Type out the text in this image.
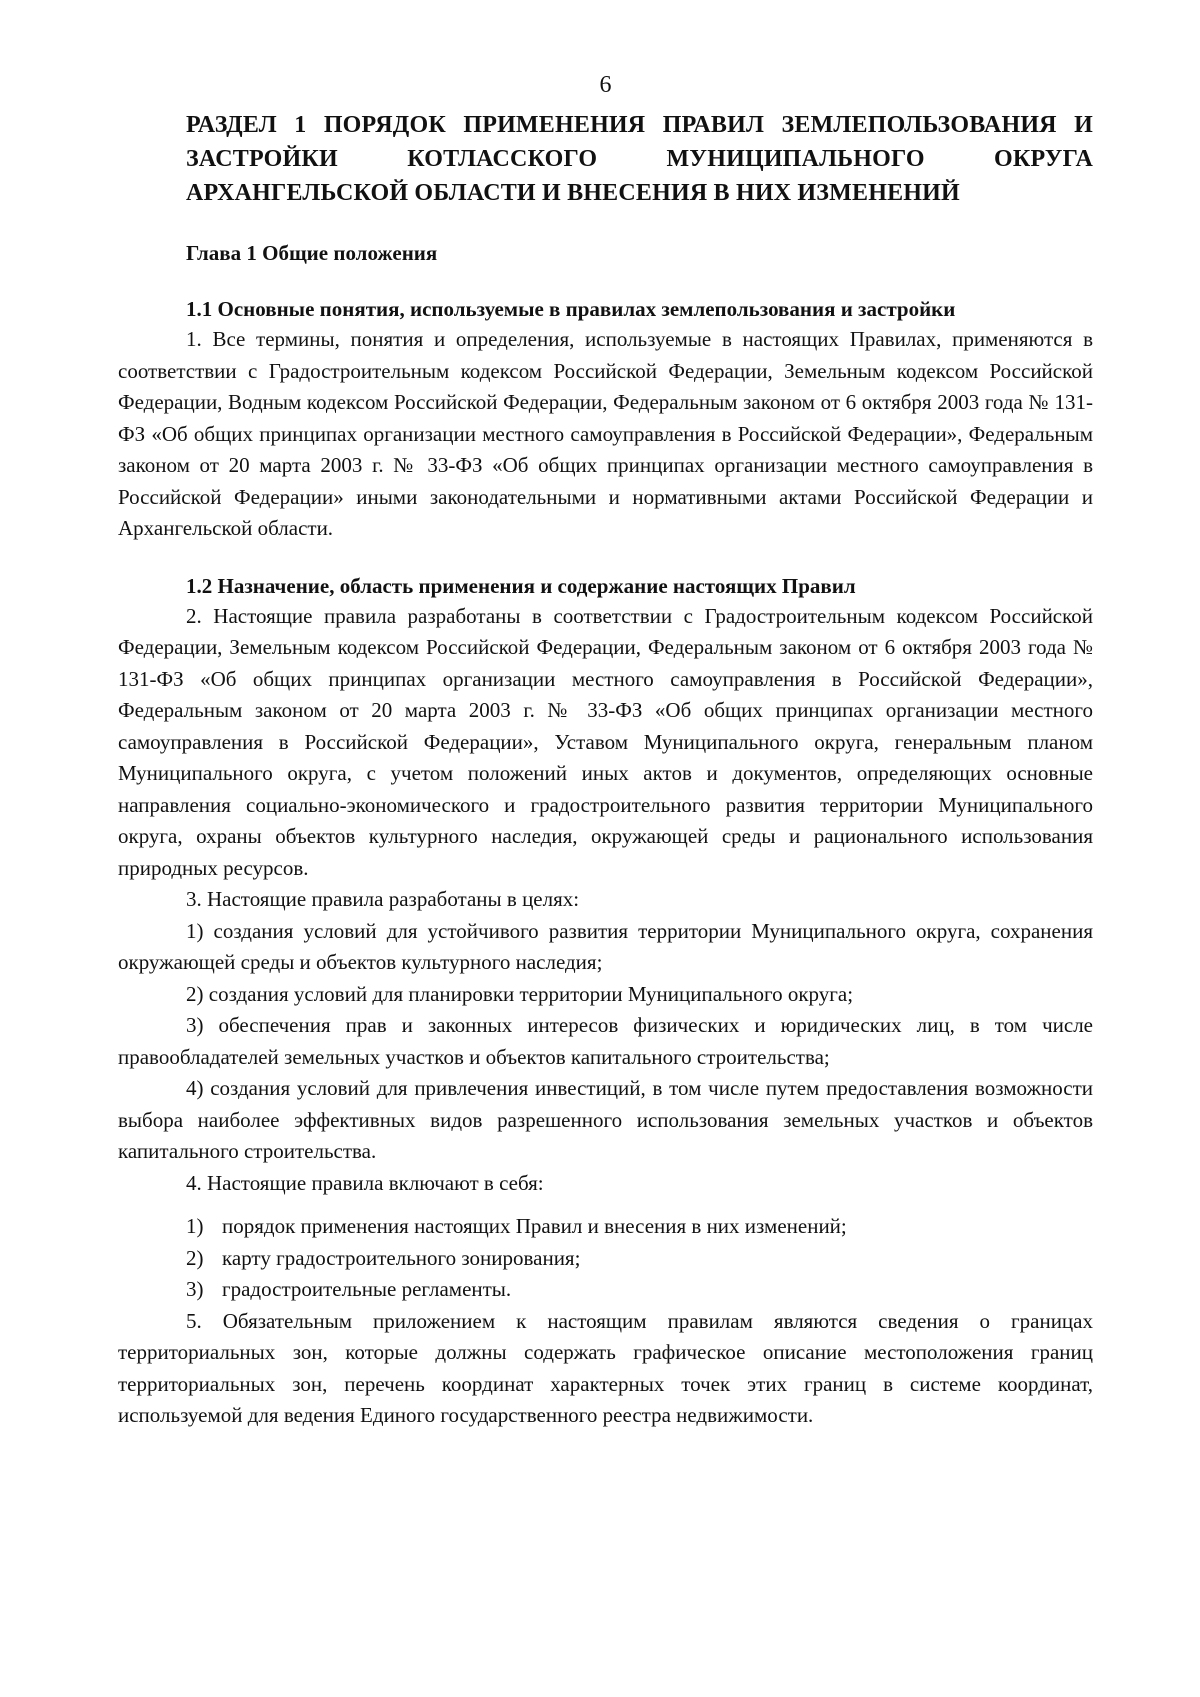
6
РАЗДЕЛ 1 ПОРЯДОК ПРИМЕНЕНИЯ ПРАВИЛ ЗЕМЛЕПОЛЬЗОВАНИЯ И ЗАСТРОЙКИ КОТЛАССКОГО МУНИЦИПАЛЬНОГО ОКРУГА АРХАНГЕЛЬСКОЙ ОБЛАСТИ И ВНЕСЕНИЯ В НИХ ИЗМЕНЕНИЙ
Глава 1 Общие положения
1.1 Основные понятия, используемые в правилах землепользования и застройки

1. Все термины, понятия и определения, используемые в настоящих Правилах, применяются в соответствии с Градостроительным кодексом Российской Федерации, Земельным кодексом Российской Федерации, Водным кодексом Российской Федерации, Федеральным законом от 6 октября 2003 года № 131-ФЗ «Об общих принципах организации местного самоуправления в Российской Федерации», Федеральным законом от 20 марта 2003 г. № 33-ФЗ «Об общих принципах организации местного самоуправления в Российской Федерации» иными законодательными и нормативными актами Российской Федерации и Архангельской области.

1.2 Назначение, область применения и содержание настоящих Правил

2. Настоящие правила разработаны в соответствии с Градостроительным кодексом Российской Федерации, Земельным кодексом Российской Федерации, Федеральным законом от 6 октября 2003 года № 131-ФЗ «Об общих принципах организации местного самоуправления в Российской Федерации», Федеральным законом от 20 марта 2003 г. № 33-ФЗ «Об общих принципах организации местного самоуправления в Российской Федерации», Уставом Муниципального округа, генеральным планом Муниципального округа, с учетом положений иных актов и документов, определяющих основные направления социально-экономического и градостроительного развития территории Муниципального округа, охраны объектов культурного наследия, окружающей среды и рационального использования природных ресурсов.

3. Настоящие правила разработаны в целях:

1) создания условий для устойчивого развития территории Муниципального округа, сохранения окружающей среды и объектов культурного наследия;

2) создания условий для планировки территории Муниципального округа;

3) обеспечения прав и законных интересов физических и юридических лиц, в том числе правообладателей земельных участков и объектов капитального строительства;

4) создания условий для привлечения инвестиций, в том числе путем предоставления возможности выбора наиболее эффективных видов разрешенного использования земельных участков и объектов капитального строительства.

4. Настоящие правила включают в себя:

1) порядок применения настоящих Правил и внесения в них изменений;
2) карту градостроительного зонирования;
3) градостроительные регламенты.

5. Обязательным приложением к настоящим правилам являются сведения о границах территориальных зон, которые должны содержать графическое описание местоположения границ территориальных зон, перечень координат характерных точек этих границ в системе координат, используемой для ведения Единого государственного реестра недвижимости.
